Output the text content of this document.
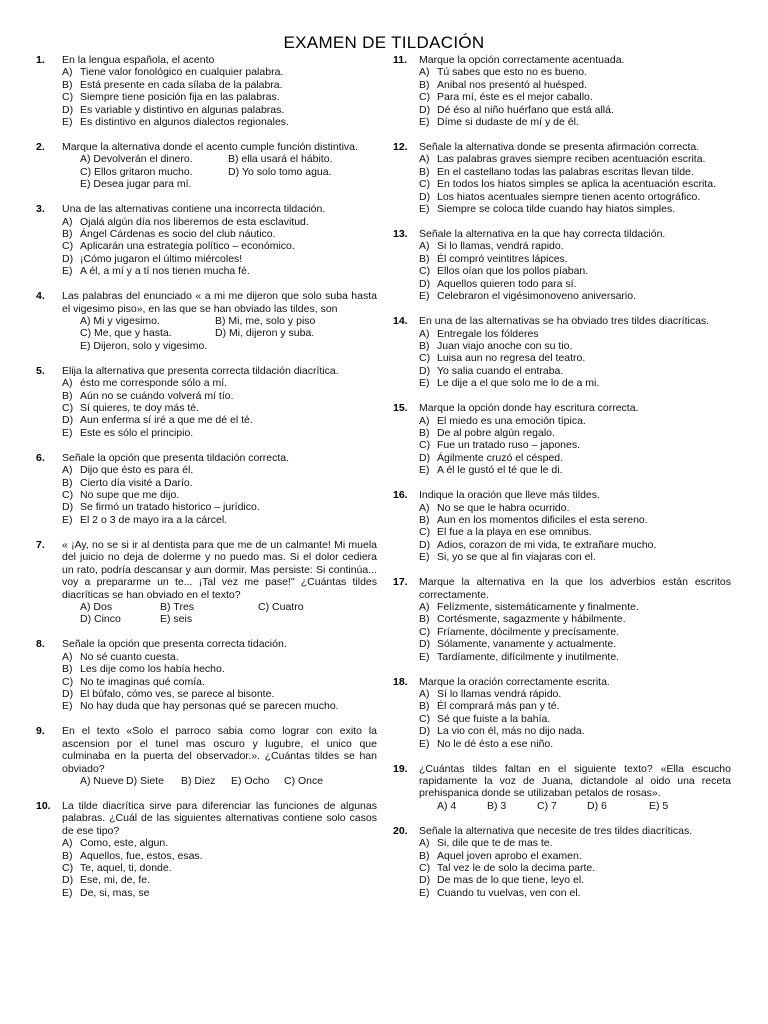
EXAMEN DE TILDACIÓN
1.	En la lengua española, el acento
A) Tiene valor fonológico en cualquier palabra.
B) Está presente en cada sílaba de la palabra.
C) Siempre tiene posición fija en las palabras.
D) Es variable y distintivo en algunas palabras.
E) Es distintivo en algunos dialectos regionales.
2.	Marque la alternativa donde el acento cumple función distintiva.
A) Devolverán el dinero.	B) ella usará el hábito.
C) Ellos gritaron mucho.	D) Yo solo tomo agua.
E) Desea jugar para mí.
3.	Una de las alternativas contiene una incorrecta tildación.
A) Ojalá algún día nos liberemos de esta esclavitud.
B) Ángel Cárdenas es socio del club náutico.
C) Aplicarán una estrategia político – económico.
D) ¡Cómo jugaron el último miércoles!
E) A él, a mí y a tí nos tienen mucha fé.
4.	Las palabras del enunciado « a mi me dijeron que solo suba hasta el vigesimo piso», en las que se han obviado las tildes, son
A) Mi y vigesimo.	B) Mi, me, solo y piso
C) Me, que y hasta.	D) Mi, dijeron y suba.
E) Dijeron, solo y vigesimo.
5.	Elija la alternativa que presenta correcta tildación diacrítica.
A) ésto me corresponde sólo a mí.
B) Aún no se cuándo volverá mí tío.
C) Sí quieres, te doy más té.
D) Aun enferma sí iré a que me dé el té.
E) Este es sólo el principio.
6.	Señale la opción que presenta tildación correcta.
A) Dijo que ésto es para él.
B) Cierto día visité a Darío.
C) No supe que me dijo.
D) Se firmó un tratado historico – jurídico.
E) El 2 o 3 de mayo ira a la cárcel.
7.	« ¡Ay, no se si ir al dentista para que me de un calmante! Mi muela del juicio no deja de dolerme y no puedo mas. Si el dolor cediera un rato, podría descansar y aun dormir. Mas persiste: Si continúa... voy a prepararme un te... ¡Tal vez me pase!" ¿Cuántas tildes diacríticas se han obviado en el texto?
A) Dos	B) Tres	C) Cuatro
D) Cinco	E) seis
8.	Señale la opción que presenta correcta tidación.
A) No sé cuanto cuesta.
B) Les dije como los había hecho.
C) No te imaginas qué comía.
D) El búfalo, cómo ves, se parece al bisonte.
E) No hay duda que hay personas qué se parecen mucho.
9.	En el texto «Solo el parroco sabia como lograr con exito la ascension por el tunel mas oscuro y lugubre, el unico que culminaba en la puerta del observador.». ¿Cuántas tildes se han obviado?
A) Nueve D) Siete B) Diez E) Ocho C) Once
10.	La tilde diacrítica sirve para diferenciar las funciones de algunas palabras. ¿Cuál de las siguientes alternativas contiene solo casos de ese tipo?
A) Como, este, algun.
B) Aquellos, fue, estos, esas.
C) Te, aquel, ti, donde.
D) Ese, mi, de, fe.
E) De, si, mas, se
11.	Marque la opción correctamente acentuada.
A) Tú sabes que esto no es bueno.
B) Anibal nos presentó al huésped.
C) Para mí, éste es el mejor caballo.
D) Dé éso al niño huérfano que está allá.
E) Díme si dudaste de mí y de él.
12.	Señale la alternativa donde se presenta afirmación correcta.
A) Las palabras graves siempre reciben acentuación escrita.
B) En el castellano todas las palabras escritas llevan tilde.
C) En todos los hiatos simples se aplica la acentuación escrita.
D) Los hiatos acentuales siempre tienen acento ortográfico.
E) Siempre se coloca tilde cuando hay hiatos simples.
13.	Señale la alternativa en la que hay correcta tildación.
A) Si lo llamas, vendrá rapido.
B) Él compró veintitres lápices.
C) Ellos oían que los pollos píaban.
D) Aquellos quieren todo para sí.
E) Celebraron el vigésimonoveno aniversario.
14.	En una de las alternativas se ha obviado tres tildes diacríticas.
A) Entregale los fólderes
B) Juan viajo anoche con su tio.
C) Luisa aun no regresa del teatro.
D) Yo salia cuando el entraba.
E) Le dije a el que solo me lo de a mi.
15.	Marque la opción donde hay escritura correcta.
A) El miedo es una emoción típica.
B) De al pobre algún regalo.
C) Fue un tratado ruso – japones.
D) Ágilmente cruzó el césped.
E) A él le gustó el té que le di.
16.	Indique la oración que lleve más tildes.
A) No se que le habra ocurrido.
B) Aun en los momentos dificiles el esta sereno.
C) El fue a la playa en ese omnibus.
D) Adios, corazon de mi vida, te extrañare mucho.
E) Si, yo se que al fin viajaras con el.
17.	Marque la alternativa en la que los adverbios están escritos correctamente.
A) Felízmente, sistemáticamente y finalmente.
B) Cortésmente, sagazmente y hábilmente.
C) Fríamente, dócilmente y precísamente.
D) Sólamente, vanamente y actualmente.
E) Tardíamente, difícilmente y inutilmente.
18.	Marque la oración correctamente escrita.
A) Sí lo llamas vendrá rápido.
B) Él comprará más pan y té.
C) Sé que fuiste a la bahía.
D) La vio con él, más no dijo nada.
E) No le dé ésto a ese niño.
19.	¿Cuántas tildes faltan en el siguiente texto? «Ella escucho rapidamente la voz de Juana, dictandole al oido una receta prehispanica donde se utilizaban petalos de rosas».
A) 4	B) 3	C) 7	D) 6	E) 5
20.	Señale la alternativa que necesite de tres tildes diacríticas.
A) Si, dile que te de mas te.
B) Aquel joven aprobo el examen.
C) Tal vez le de solo la decima parte.
D) De mas de lo que tiene, leyo el.
E) Cuando tu vuelvas, ven con el.
